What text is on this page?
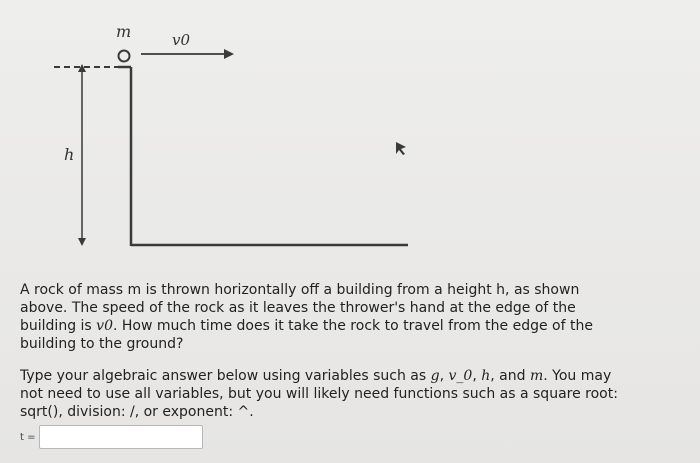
m	v0
h
A rock of mass m is thrown horizontally off a building from a height h, as shown above. The speed of the rock as it leaves the thrower's hand at the edge of the building is v0. How much time does it take the rock to travel from the edge of the building to the ground?
Type your algebraic answer below using variables such as g, v_0, h, and m. You may not need to use all variables, but you will likely need functions such as a square root: sqrt(), division: /, or exponent: ^.
t =
